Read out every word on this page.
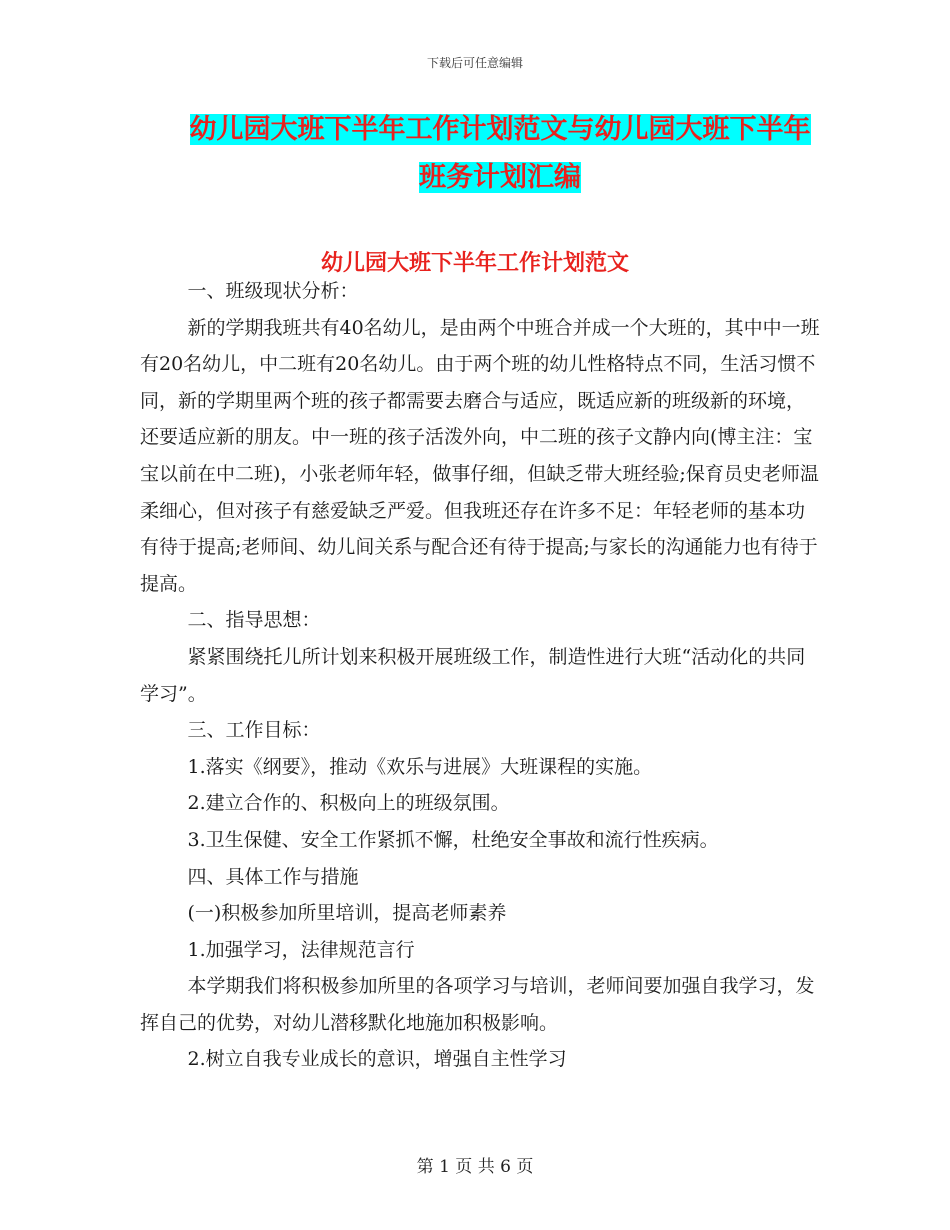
下载后可任意编辑
幼儿园大班下半年工作计划范文与幼儿园大班下半年
班务计划汇编
幼儿园大班下半年工作计划范文

一、班级现状分析：

新的学期我班共有40名幼儿，是由两个中班合并成一个大班的，其中中一班有20名幼儿，中二班有20名幼儿。由于两个班的幼儿性格特点不同，生活习惯不同，新的学期里两个班的孩子都需要去磨合与适应，既适应新的班级新的环境，还要适应新的朋友。中一班的孩子活泼外向，中二班的孩子文静内向(博主注：宝宝以前在中二班)，小张老师年轻，做事仔细，但缺乏带大班经验;保育员史老师温柔细心，但对孩子有慈爱缺乏严爱。但我班还存在许多不足：年轻老师的基本功有待于提高;老师间、幼儿间关系与配合还有待于提高;与家长的沟通能力也有待于提高。

二、指导思想：

紧紧围绕托儿所计划来积极开展班级工作，制造性进行大班“活动化的共同学习”。

三、工作目标：

1.落实《纲要》，推动《欢乐与进展》大班课程的实施。

2.建立合作的、积极向上的班级氛围。

3.卫生保健、安全工作紧抓不懈，杜绝安全事故和流行性疾病。

四、具体工作与措施

(一)积极参加所里培训，提高老师素养

1.加强学习，法律规范言行

本学期我们将积极参加所里的各项学习与培训，老师间要加强自我学习，发挥自己的优势，对幼儿潜移默化地施加积极影响。

2.树立自我专业成长的意识，增强自主性学习

第 1 页 共 6 页
